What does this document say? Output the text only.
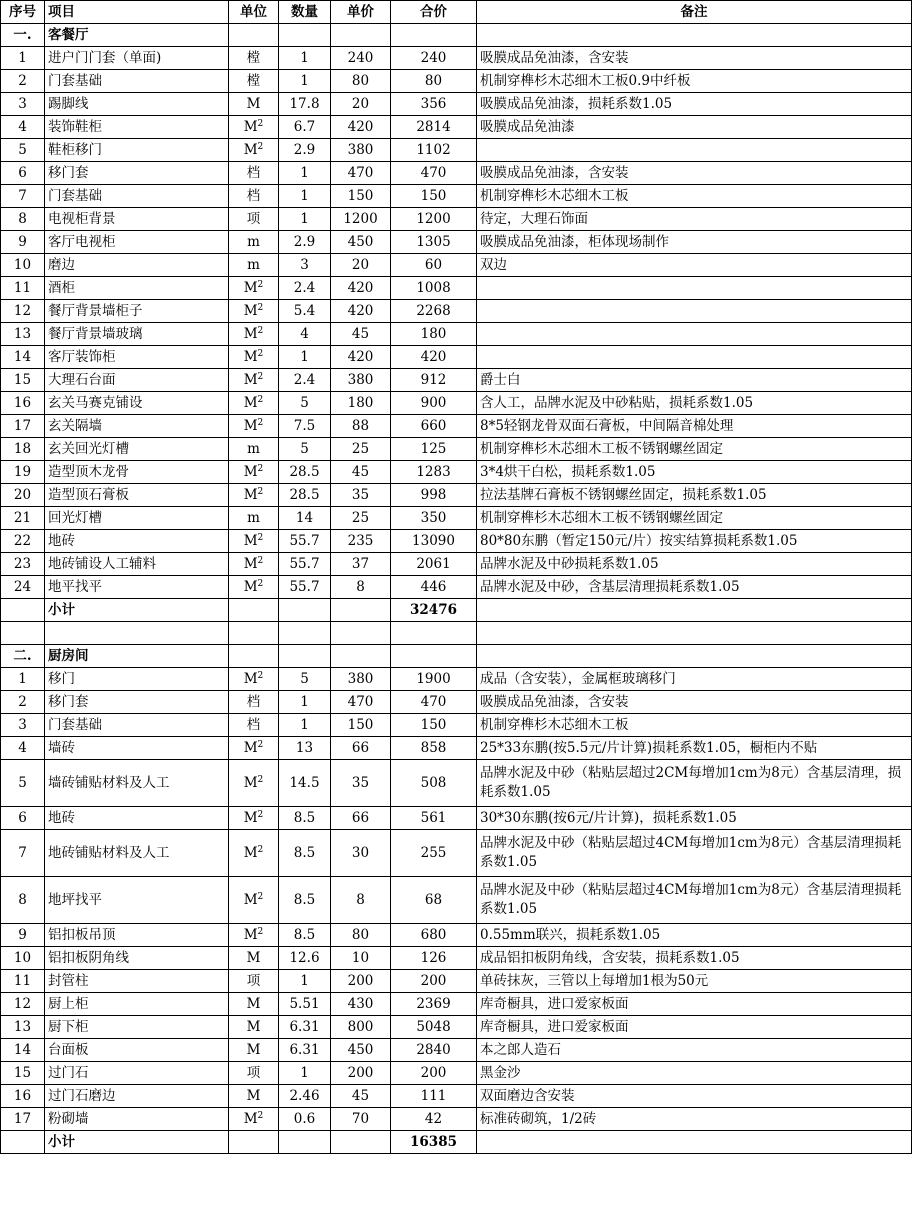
序号	项目	单位	数量	单价	合价	备注
一.	客餐厅					
1	进户门门套（单面)	樘	1	240	240	吸膜成品免油漆，含安装
2	门套基础	樘	1	80	80	机制穿榫杉木芯细木工板0.9中纤板
3	踢脚线	M	17.8	20	356	吸膜成品免油漆，损耗系数1.05
4	装饰鞋柜	$M^2$	6.7	420	2814	吸膜成品免油漆
5	鞋柜移门	$M^2$	2.9	380	1102	
6	移门套	档	1	470	470	吸膜成品免油漆，含安装
7	门套基础	档	1	150	150	机制穿榫杉木芯细木工板
8	电视柜背景	项	1	1200	1200	待定，大理石饰面
9	客厅电视柜	m	2.9	450	1305	吸膜成品免油漆，柜体现场制作
10	磨边	m	3	20	60	双边
11	酒柜	$M^2$	2.4	420	1008	
12	餐厅背景墙柜子	$M^2$	5.4	420	2268	
13	餐厅背景墙玻璃	$M^2$	4	45	180	
14	客厅装饰柜	$M^2$	1	420	420	
15	大理石台面	$M^2$	2.4	380	912	爵士白
16	玄关马赛克铺设	$M^2$	5	180	900	含人工，品牌水泥及中砂粘贴，损耗系数1.05
17	玄关隔墙	$M^2$	7.5	88	660	8*5轻钢龙骨双面石膏板，中间隔音棉处理
18	玄关回光灯槽	m	5	25	125	机制穿榫杉木芯细木工板不锈钢螺丝固定
19	造型顶木龙骨	$M^2$	28.5	45	1283	3*4烘干白松，损耗系数1.05
20	造型顶石膏板	$M^2$	28.5	35	998	拉法基牌石膏板不锈钢螺丝固定，损耗系数1.05
21	回光灯槽	m	14	25	350	机制穿榫杉木芯细木工板不锈钢螺丝固定
22	地砖	$M^2$	55.7	235	13090	80*80东鹏（暂定150元/片）按实结算损耗系数1.05
23	地砖铺设人工辅料	$M^2$	55.7	37	2061	品牌水泥及中砂损耗系数1.05
24	地平找平	$M^2$	55.7	8	446	品牌水泥及中砂，含基层清理损耗系数1.05
	小计				32476	

二.	厨房间					
1	移门	$M^2$	5	380	1900	成品（含安装），金属框玻璃移门
2	移门套	档	1	470	470	吸膜成品免油漆，含安装
3	门套基础	档	1	150	150	机制穿榫杉木芯细木工板
4	墙砖	$M^2$	13	66	858	25*33东鹏(按5.5元/片计算)损耗系数1.05，橱柜内不贴
5	墙砖铺贴材料及人工	$M^2$	14.5	35	508	品牌水泥及中砂（粘贴层超过2CM每增加1cm为8元）含基层清理，损耗系数1.05
6	地砖	$M^2$	8.5	66	561	30*30东鹏(按6元/片计算)，损耗系数1.05
7	地砖铺贴材料及人工	$M^2$	8.5	30	255	品牌水泥及中砂（粘贴层超过4CM每增加1cm为8元）含基层清理损耗系数1.05
8	地坪找平	$M^2$	8.5	8	68	品牌水泥及中砂（粘贴层超过4CM每增加1cm为8元）含基层清理损耗系数1.05
9	铝扣板吊顶	$M^2$	8.5	80	680	0.55mm联兴，损耗系数1.05
10	铝扣板阴角线	M	12.6	10	126	成品铝扣板阴角线，含安装，损耗系数1.05
11	封管柱	项	1	200	200	单砖抹灰，三管以上每增加1根为50元
12	厨上柜	M	5.51	430	2369	库奇橱具，进口爱家板面
13	厨下柜	M	6.31	800	5048	库奇橱具，进口爱家板面
14	台面板	M	6.31	450	2840	本之郎人造石
15	过门石	项	1	200	200	黑金沙
16	过门石磨边	M	2.46	45	111	双面磨边含安装
17	粉砌墙	$M^2$	0.6	70	42	标准砖砌筑，1/2砖
	小计				16385	
